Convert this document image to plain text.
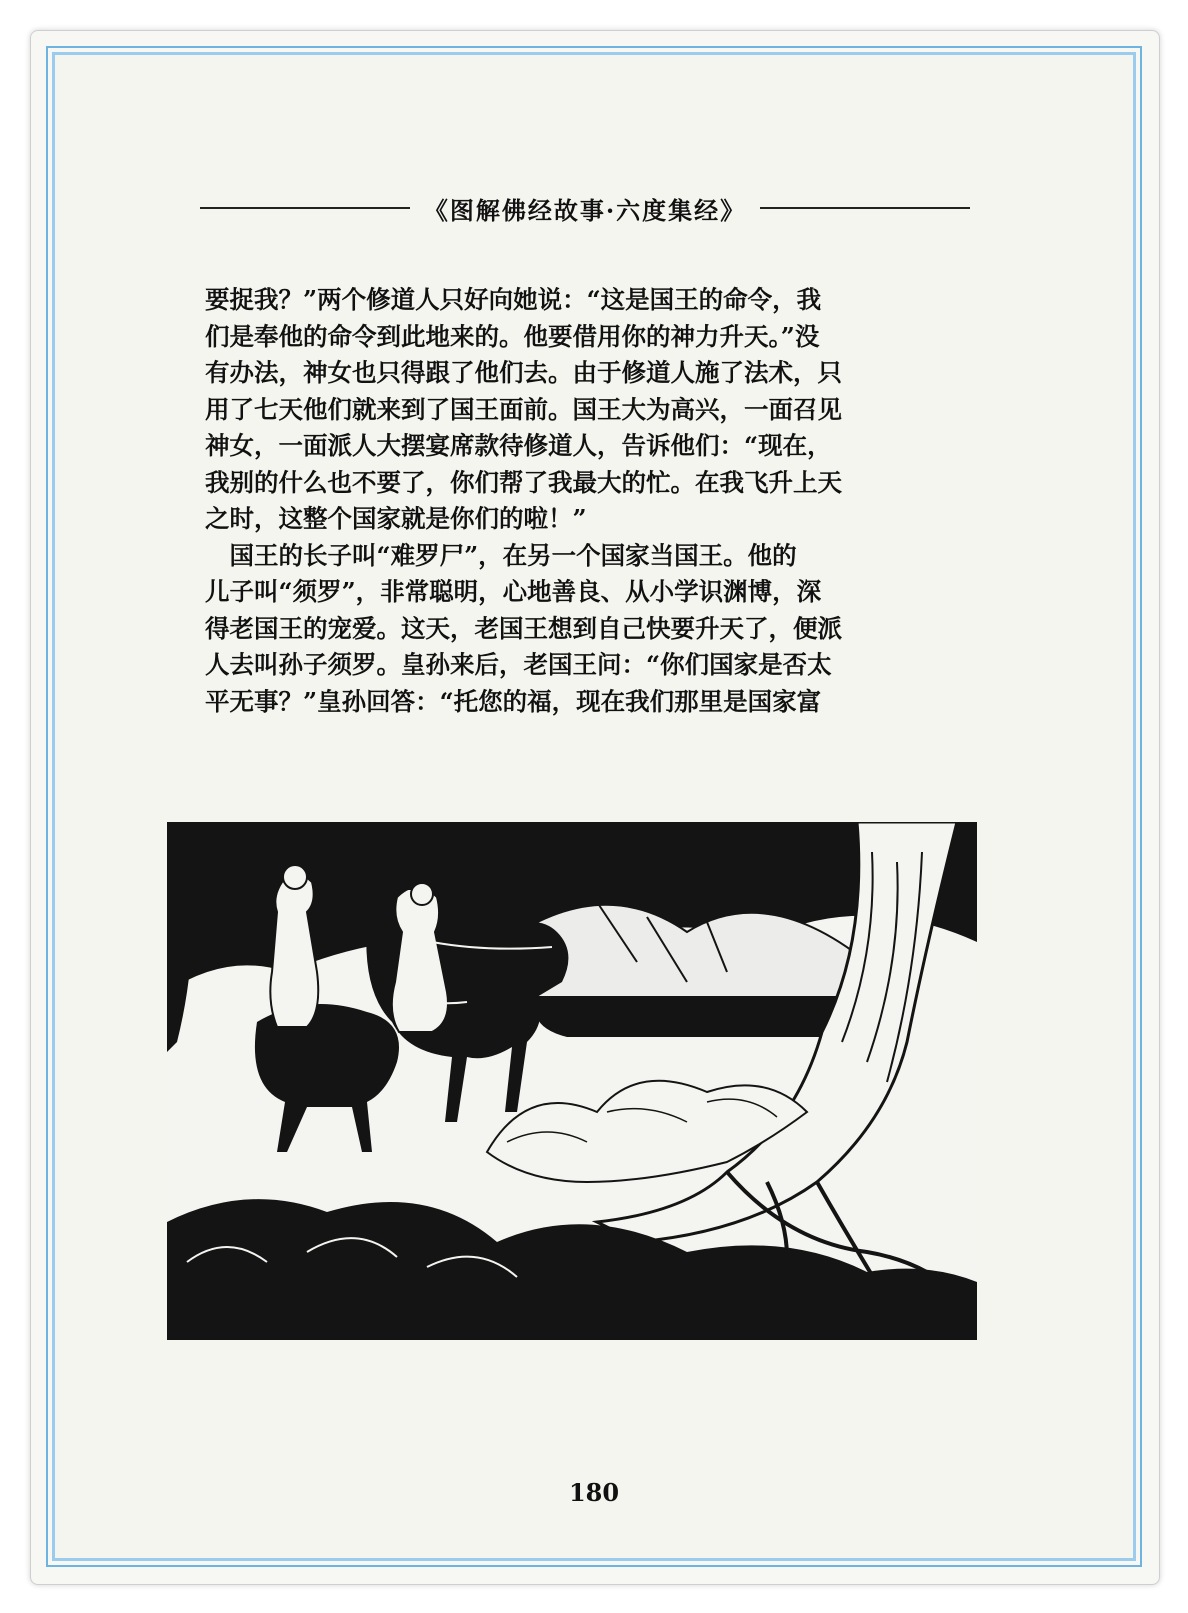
《图解佛经故事·六度集经》

要捉我？”两个修道人只好向她说：“这是国王的命令，我

们是奉他的命令到此地来的。他要借用你的神力升天。”没

有办法，神女也只得跟了他们去。由于修道人施了法术，只

用了七天他们就来到了国王面前。国王大为高兴，一面召见

神女，一面派人大摆宴席款待修道人，告诉他们：“现在，

我别的什么也不要了，你们帮了我最大的忙。在我飞升上天

之时，这整个国家就是你们的啦！”

　国王的长子叫“难罗尸”，在另一个国家当国王。他的

儿子叫“须罗”，非常聪明，心地善良、从小学识渊博，深

得老国王的宠爱。这天，老国王想到自己快要升天了，便派

人去叫孙子须罗。皇孙来后，老国王问：“你们国家是否太

平无事？”皇孙回答：“托您的福，现在我们那里是国家富

180
